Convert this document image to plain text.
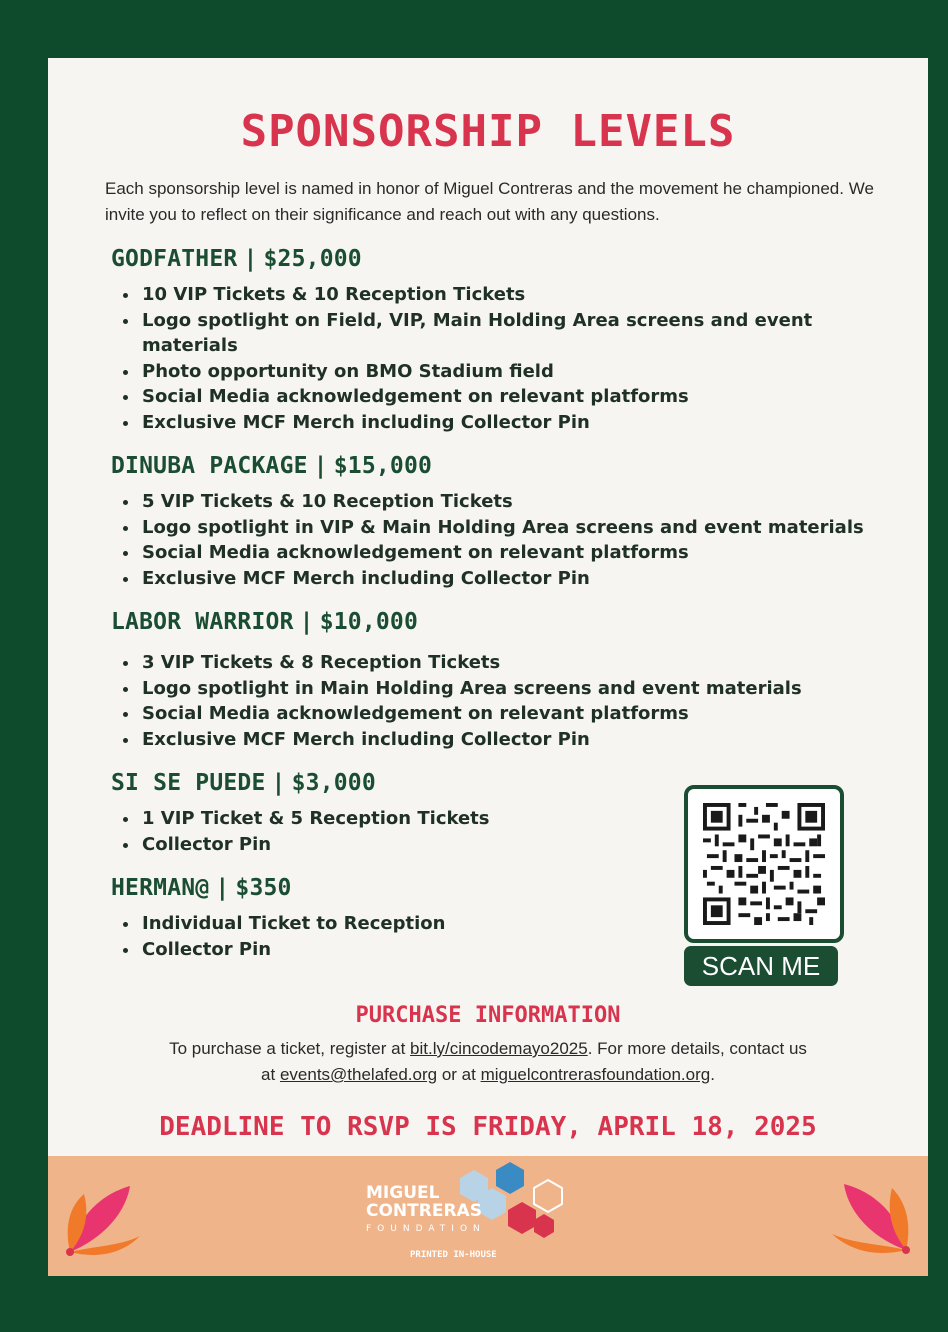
SPONSORSHIP LEVELS
Each sponsorship level is named in honor of Miguel Contreras and the movement he championed. We invite you to reflect on their significance and reach out with any questions.
GODFATHER | $25,000
• 10 VIP Tickets & 10 Reception Tickets
• Logo spotlight on Field, VIP, Main Holding Area screens and event materials
• Photo opportunity on BMO Stadium field
• Social Media acknowledgement on relevant platforms
• Exclusive MCF Merch including Collector Pin
DINUBA PACKAGE | $15,000
• 5 VIP Tickets & 10 Reception Tickets
• Logo spotlight in VIP & Main Holding Area screens and event materials
• Social Media acknowledgement on relevant platforms
• Exclusive MCF Merch including Collector Pin
LABOR WARRIOR | $10,000
• 3 VIP Tickets & 8 Reception Tickets
• Logo spotlight in Main Holding Area screens and event materials
• Social Media acknowledgement on relevant platforms
• Exclusive MCF Merch including Collector Pin
SI SE PUEDE | $3,000
• 1 VIP Ticket & 5 Reception Tickets
• Collector Pin
HERMAN@ | $350
• Individual Ticket to Reception
• Collector Pin
SCAN ME
PURCHASE INFORMATION
To purchase a ticket, register at bit.ly/cincodemayo2025. For more details, contact us at events@thelafed.org or at miguelcontrerasfoundation.org.
DEADLINE TO RSVP IS FRIDAY, APRIL 18, 2025
MIGUEL
CONTRERAS
FOUNDATION
PRINTED IN-HOUSE
